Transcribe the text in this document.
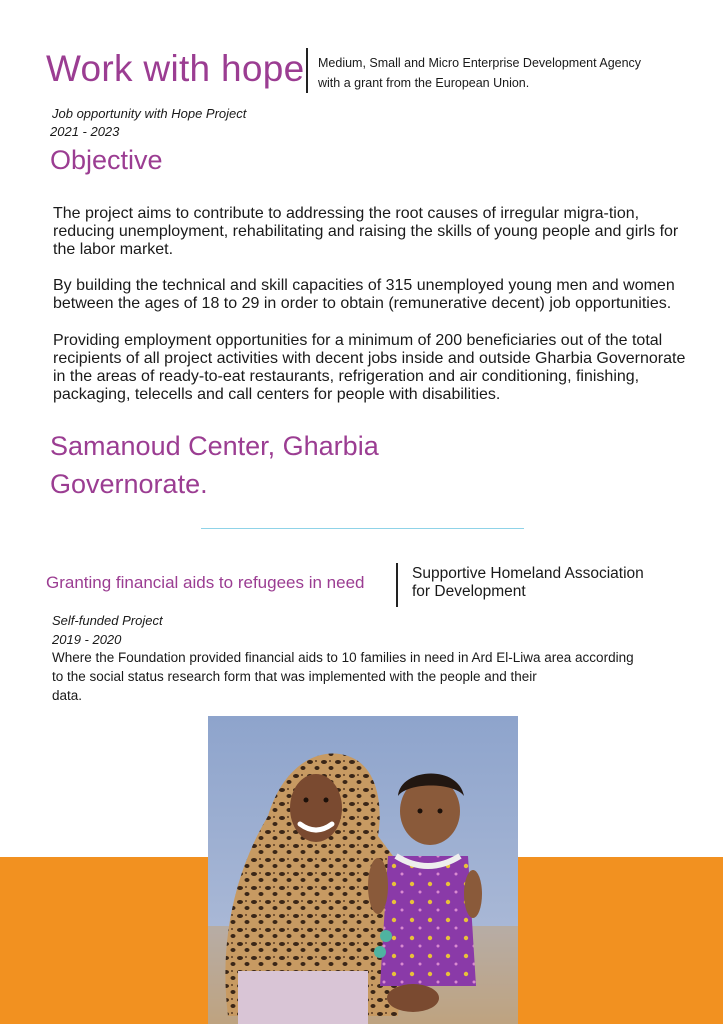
Work with hope Medium, Small and Micro Enterprise Development Agency
with a grant from the European Union.
Job opportunity with Hope Project
2021 - 2023
Objective
The project aims to contribute to addressing the root causes of irregular migra-tion, reducing unemployment, rehabilitating and raising the skills of young people and girls for the labor market.
By building the technical and skill capacities of 315 unemployed young men and women between the ages of 18 to 29 in order to obtain (remunerative decent) job opportunities.
Providing employment opportunities for a minimum of 200 beneficiaries out of the total recipients of all project activities with decent jobs inside and outside Gharbia Governorate in the areas of ready-to-eat restaurants, refrigeration and air conditioning, finishing, packaging, telecells and call centers for people with disabilities.
Samanoud Center, Gharbia
Governorate.
Granting financial aids to refugees in need	Supportive Homeland Association
for Development
Self-funded Project
2019 - 2020
Where the Foundation provided financial aids to 10 families in need in Ard El-Liwa area according
to the social status research form that was implemented with the people and their
data.
